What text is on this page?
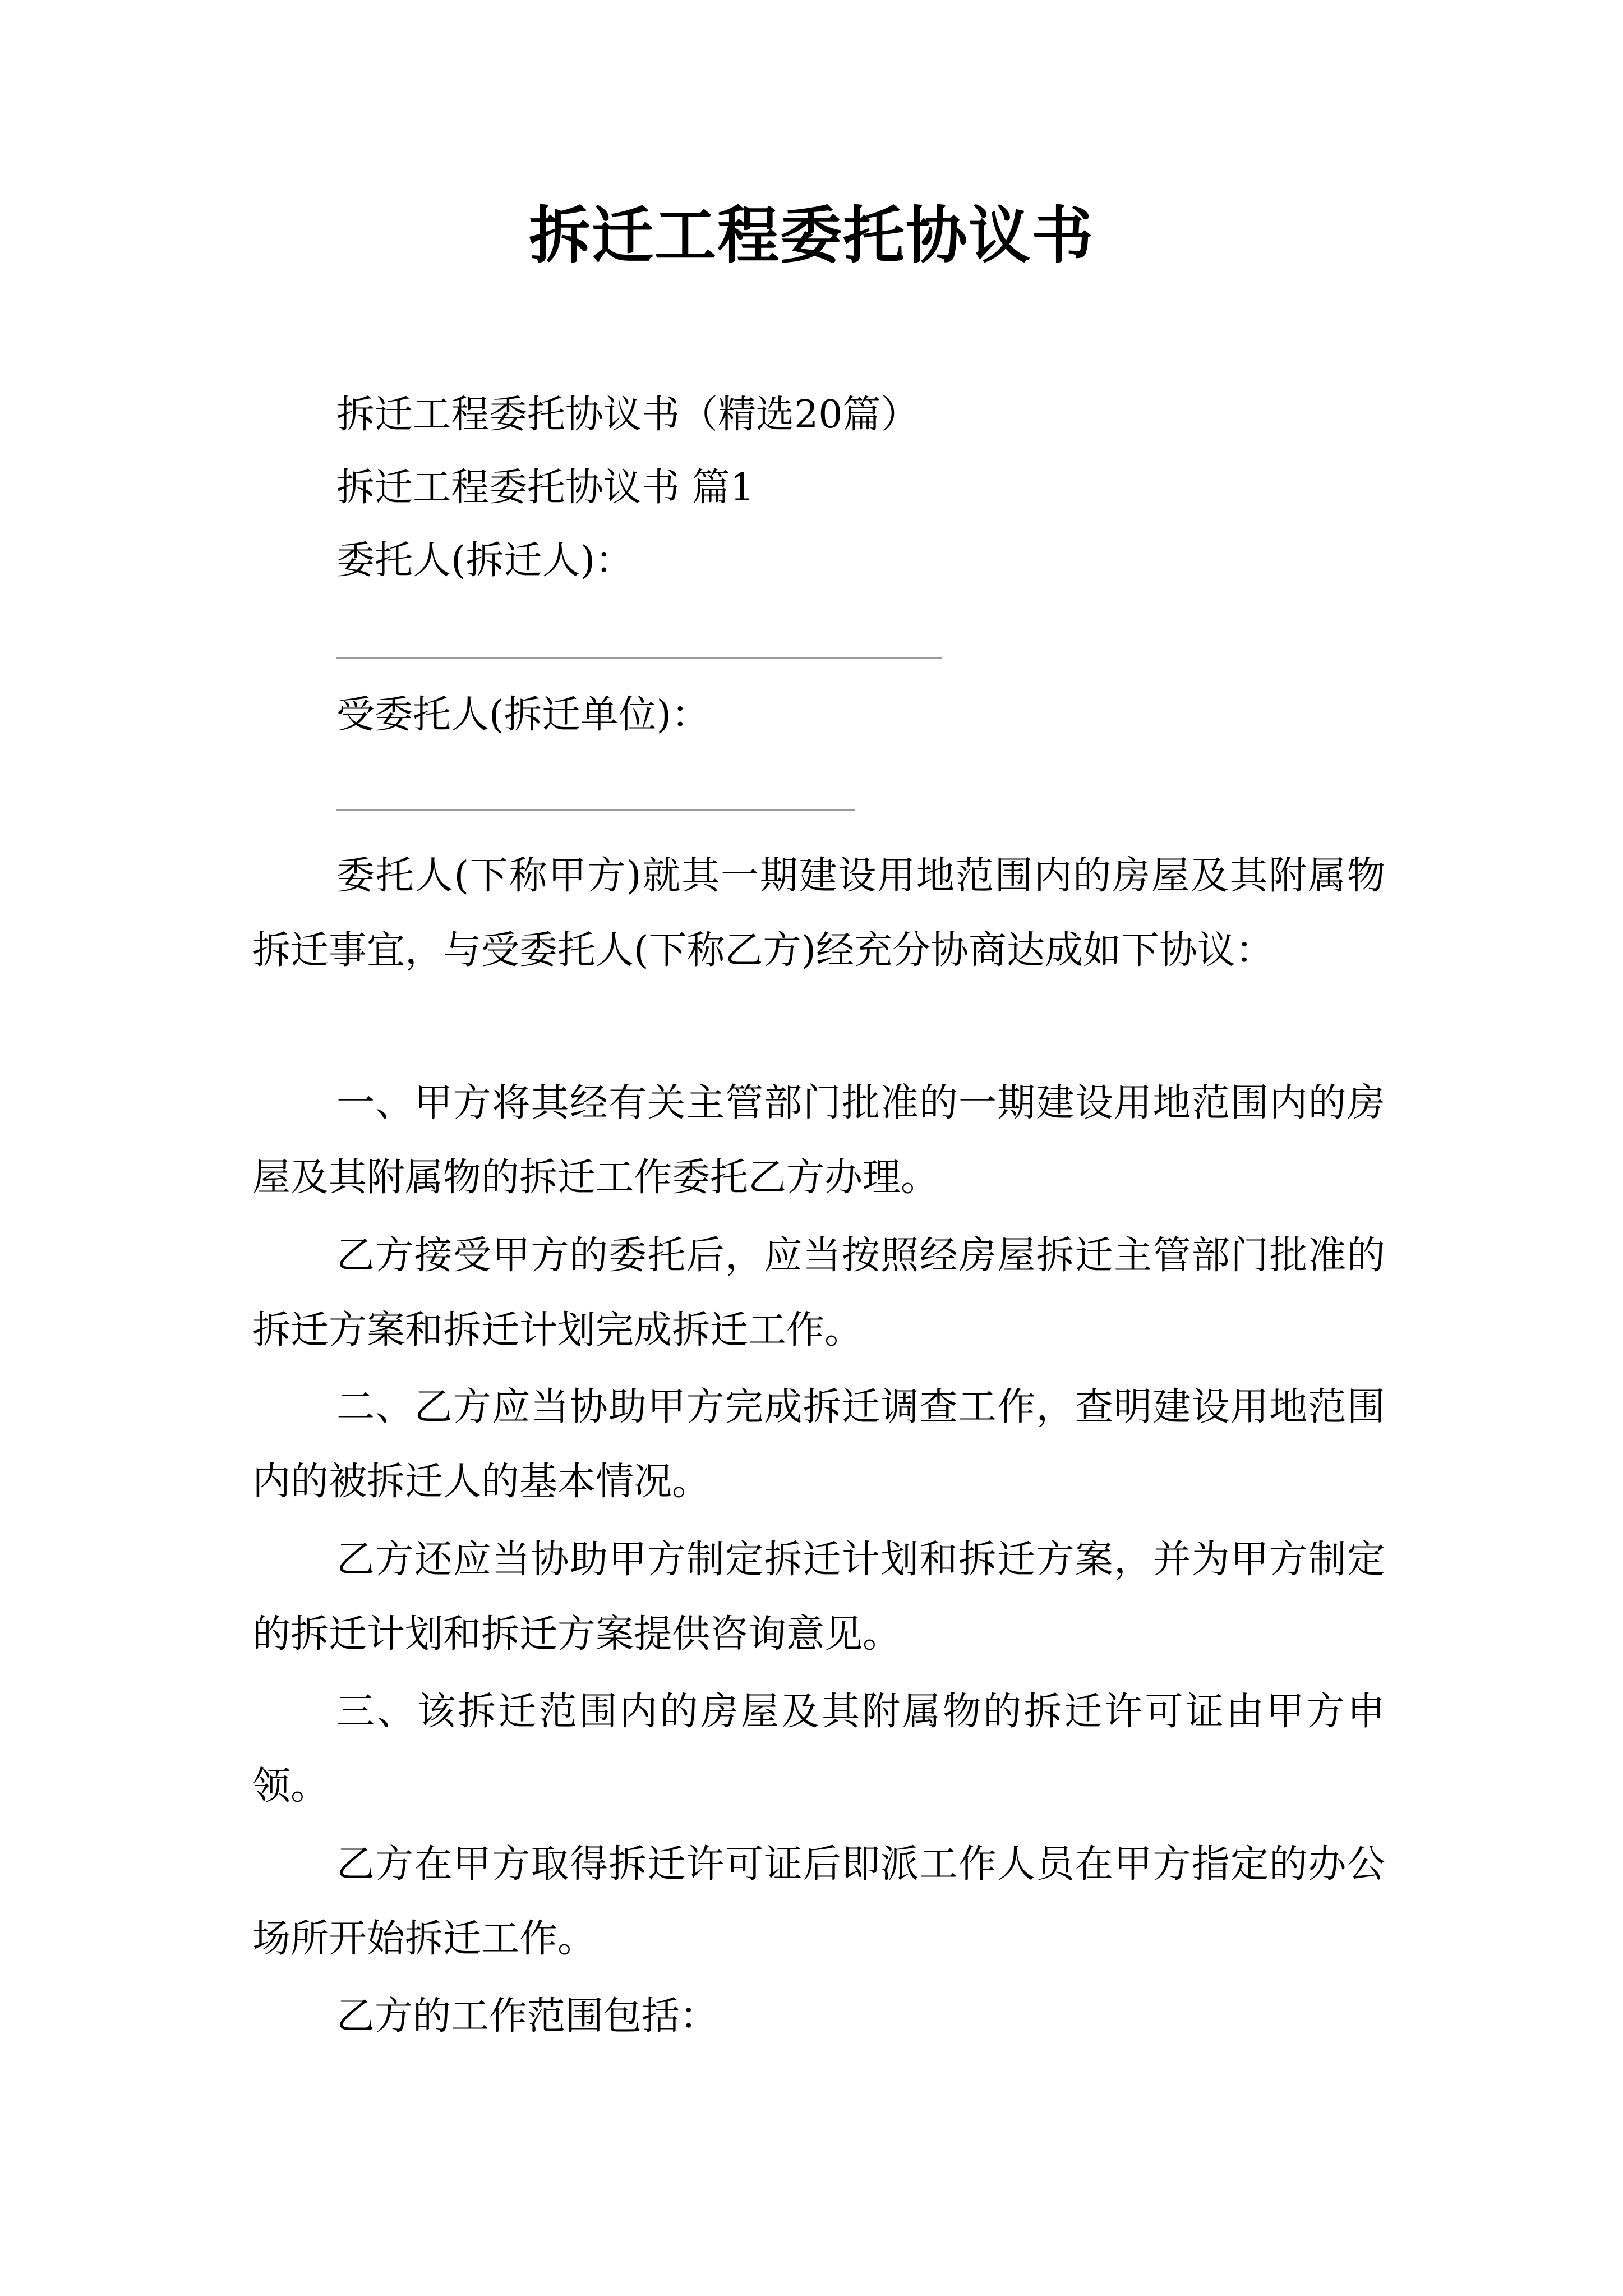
拆迁工程委托协议书
拆迁工程委托协议书（精选20篇）
拆迁工程委托协议书 篇1
委托人(拆迁人)：
受委托人(拆迁单位)：

委托人(下称甲方)就其一期建设用地范围内的房屋及其附属物拆迁事宜，与受委托人(下称乙方)经充分协商达成如下协议：

一、甲方将其经有关主管部门批准的一期建设用地范围内的房屋及其附属物的拆迁工作委托乙方办理。

乙方接受甲方的委托后，应当按照经房屋拆迁主管部门批准的拆迁方案和拆迁计划完成拆迁工作。

二、乙方应当协助甲方完成拆迁调查工作，查明建设用地范围内的被拆迁人的基本情况。

乙方还应当协助甲方制定拆迁计划和拆迁方案，并为甲方制定的拆迁计划和拆迁方案提供咨询意见。

三、该拆迁范围内的房屋及其附属物的拆迁许可证由甲方申领。

乙方在甲方取得拆迁许可证后即派工作人员在甲方指定的办公场所开始拆迁工作。

乙方的工作范围包括：
